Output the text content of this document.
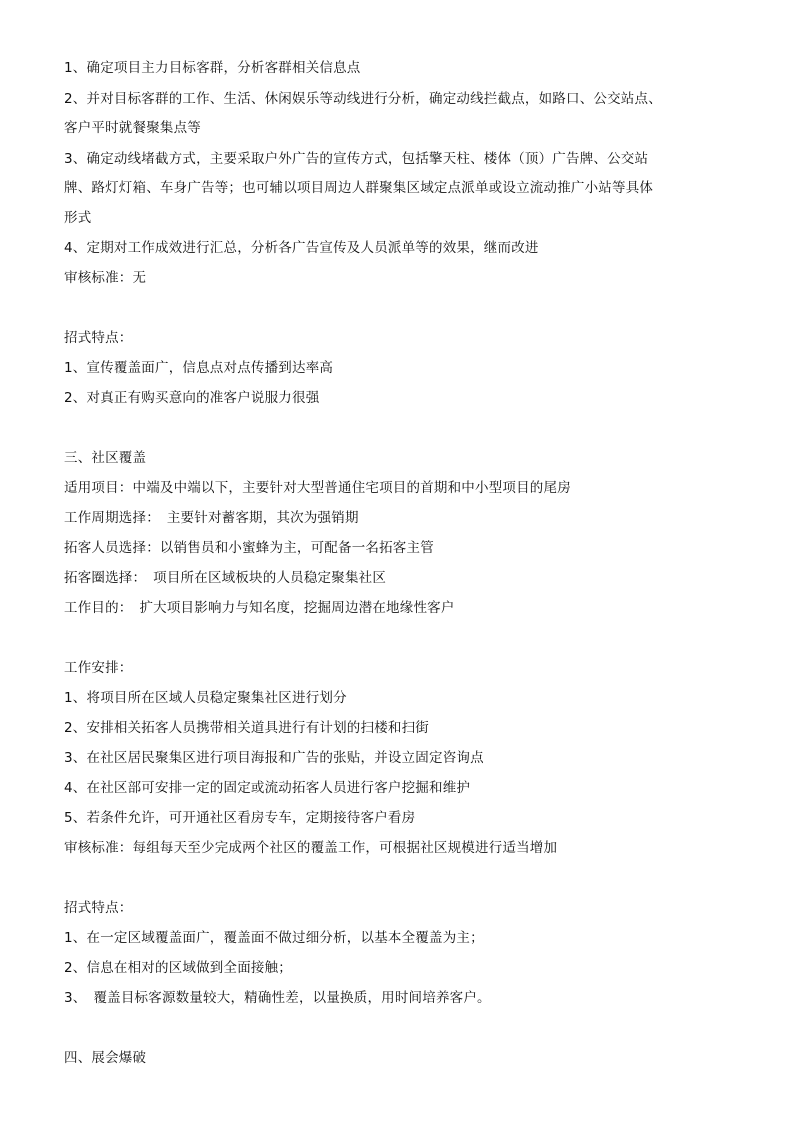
1、确定项目主力目标客群，分析客群相关信息点
2、并对目标客群的工作、生活、休闲娱乐等动线进行分析，确定动线拦截点，如路口、公交站点、
客户平时就餐聚集点等
3、确定动线堵截方式，主要采取户外广告的宣传方式，包括擎天柱、楼体（顶）广告牌、公交站
牌、路灯灯箱、车身广告等；也可辅以项目周边人群聚集区域定点派单或设立流动推广小站等具体
形式
4、定期对工作成效进行汇总，分析各广告宣传及人员派单等的效果，继而改进
审核标准：无
招式特点：
1、宣传覆盖面广，信息点对点传播到达率高
2、对真正有购买意向的准客户说服力很强
三、社区覆盖
适用项目：中端及中端以下，主要针对大型普通住宅项目的首期和中小型项目的尾房
工作周期选择：　主要针对蓄客期，其次为强销期
拓客人员选择：以销售员和小蜜蜂为主，可配备一名拓客主管
拓客圈选择：　项目所在区域板块的人员稳定聚集社区
工作目的：　扩大项目影响力与知名度，挖掘周边潜在地缘性客户
工作安排：
1、将项目所在区域人员稳定聚集社区进行划分
2、安排相关拓客人员携带相关道具进行有计划的扫楼和扫街
3、在社区居民聚集区进行项目海报和广告的张贴，并设立固定咨询点
4、在社区部可安排一定的固定或流动拓客人员进行客户挖掘和维护
5、若条件允许，可开通社区看房专车，定期接待客户看房
审核标准：每组每天至少完成两个社区的覆盖工作，可根据社区规模进行适当增加
招式特点：
1、在一定区域覆盖面广，覆盖面不做过细分析，以基本全覆盖为主；
2、信息在相对的区域做到全面接触；
3、　覆盖目标客源数量较大，精确性差，以量换质，用时间培养客户。
四、展会爆破
